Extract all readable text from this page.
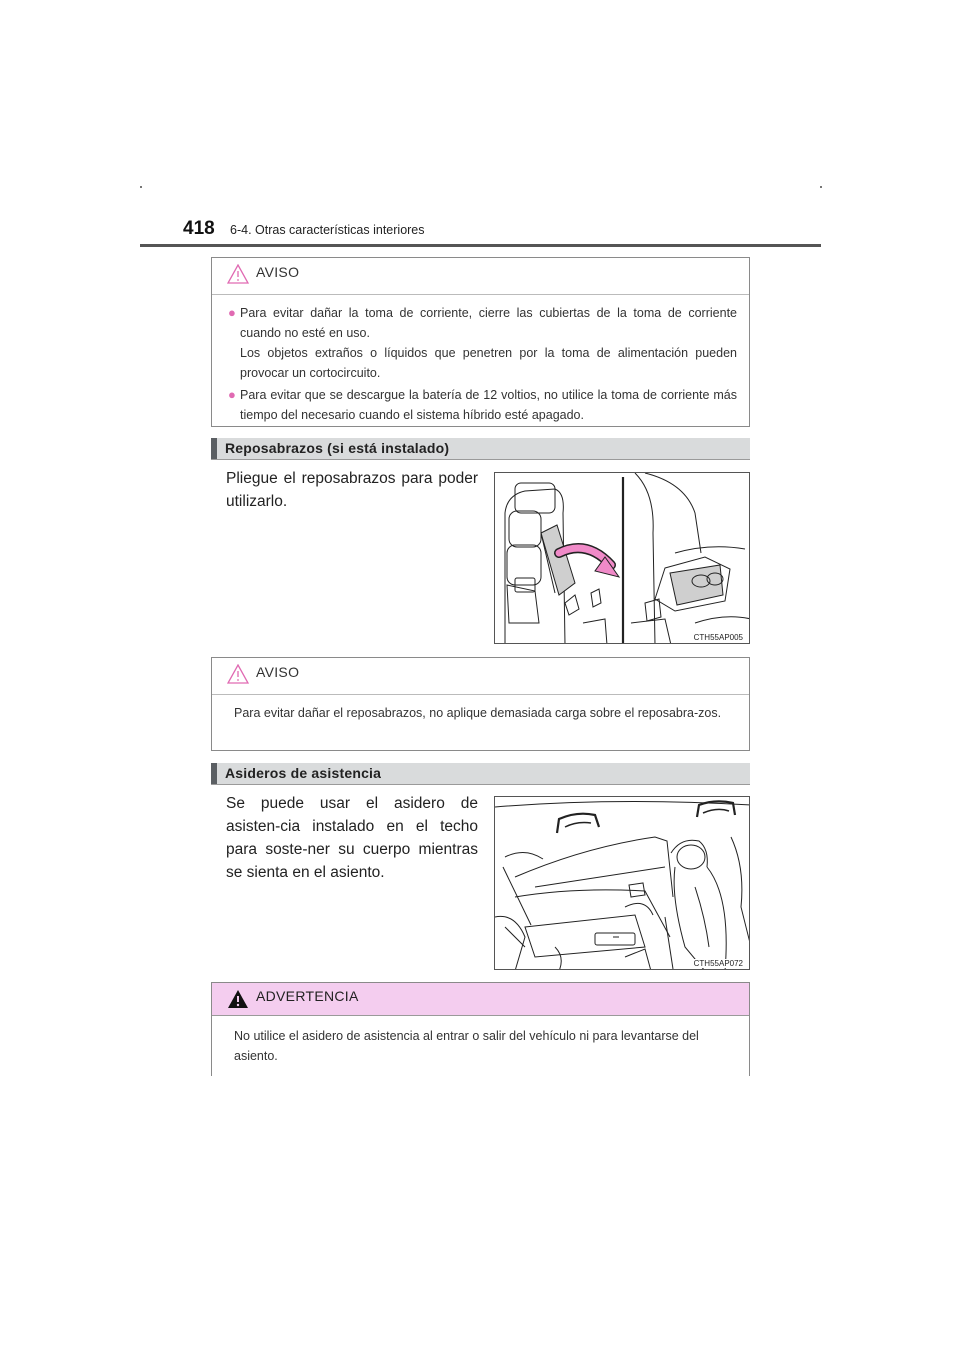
418 6-4. Otras características interiores
AVISO
● Para evitar dañar la toma de corriente, cierre las cubiertas de la toma de corriente cuando no esté en uso.
Los objetos extraños o líquidos que penetren por la toma de alimentación pueden provocar un cortocircuito.
● Para evitar que se descargue la batería de 12 voltios, no utilice la toma de corriente más tiempo del necesario cuando el sistema híbrido esté apagado.
Reposabrazos (si está instalado)
Pliegue el reposabrazos para poder utilizarlo.
CTH55AP005
AVISO
Para evitar dañar el reposabrazos, no aplique demasiada carga sobre el reposabra-zos.
Asideros de asistencia
Se puede usar el asidero de asisten-cia instalado en el techo para soste-ner su cuerpo mientras se sienta en el asiento.
CTH55AP072
ADVERTENCIA
No utilice el asidero de asistencia al entrar o salir del vehículo ni para levantarse del asiento.
